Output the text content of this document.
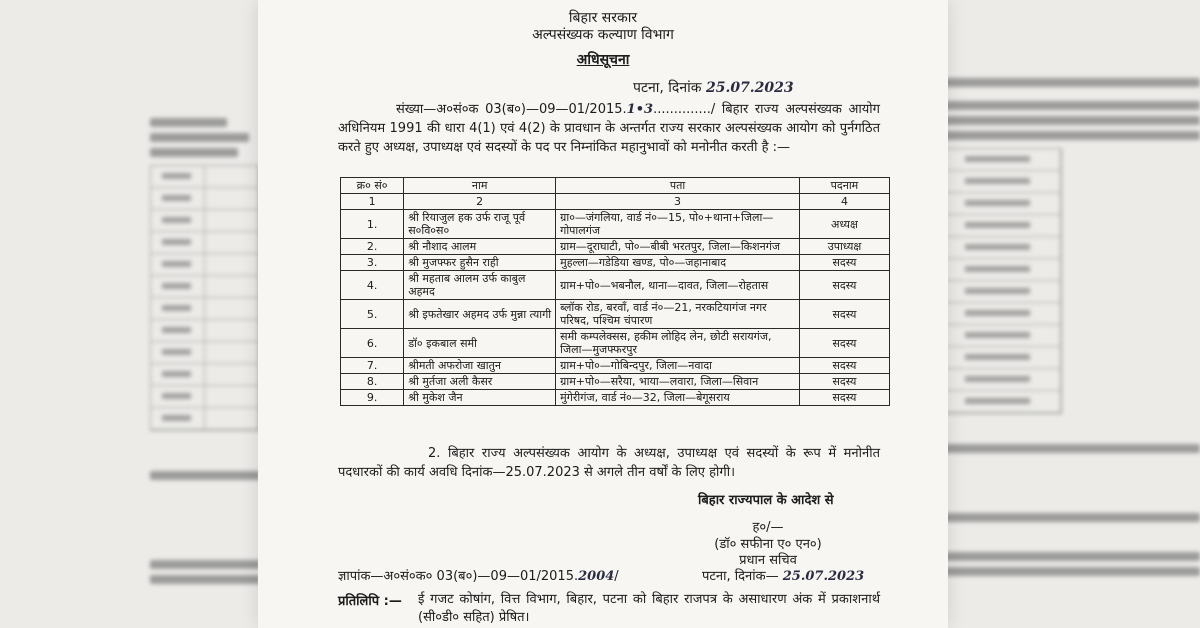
बिहार सरकार
अल्पसंख्यक कल्याण विभाग
अधिसूचना
पटना, दिनांक 25.07.2023
संख्या—अ०सं०क 03(ब०)—09—01/2015.1•3............../ बिहार राज्य अल्पसंख्यक आयोग अधिनियम 1991 की धारा 4(1) एवं 4(2) के प्रावधान के अन्तर्गत राज्य सरकार अल्पसंख्यक आयोग को पुर्नगठित करते हुए अध्यक्ष, उपाध्यक्ष एवं सदस्यों के पद पर निम्नांकित महानुभावों को मनोनीत करती है :—
क्र० सं०	नाम	पता	पदनाम
1	2	3	4
1.	श्री रियाजुल हक उर्फ राजू पूर्व स०वि०स०	ग्रा०—जंगलिया, वार्ड नं०—15, पो०+थाना+जिला—गोपालगंज	अध्यक्ष
2.	श्री नौशाद आलम	ग्राम—दूराघाटी, पो०—बीबी भरतपुर, जिला—किशनगंज	उपाध्यक्ष
3.	श्री मुजफ्फर हुसैन राही	मुहल्ला—गडेडिया खण्ड, पो०—जहानाबाद	सदस्य
4.	श्री महताब आलम उर्फ काबुल अहमद	ग्राम+पो०—भबनौल, थाना—दावत, जिला—रोहतास	सदस्य
5.	श्री इफतेखार अहमद उर्फ मुन्ना त्यागी	ब्लॉक रोड, बरवाँ, वार्ड नं०—21, नरकटियागंज नगर परिषद, पश्चिम चंपारण	सदस्य
6.	डॉ० इकबाल समी	समी कम्पलेक्सस, हकीम लोहिद लेन, छोटी सरायगंज, जिला—मुजफ्फरपुर	सदस्य
7.	श्रीमती अफरोजा खातुन	ग्राम+पो०—गोबिन्दपुर, जिला—नवादा	सदस्य
8.	श्री मुर्तजा अली कैसर	ग्राम+पो०—सरैया, भाया—लवारा, जिला—सिवान	सदस्य
9.	श्री मुकेश जैन	मुंगेरीगंज, वार्ड नं०—32, जिला—बेगूसराय	सदस्य
2. बिहार राज्य अल्पसंख्यक आयोग के अध्यक्ष, उपाध्यक्ष एवं सदस्यों के रूप में मनोनीत पदधारकों की कार्य अवधि दिनांक—25.07.2023 से अगले तीन वर्षों के लिए होगी।
बिहार राज्यपाल के आदेश से
ह०/—
(डॉ० सफीना ए० एन०)
प्रधान सचिव
ज्ञापांक—अ०सं०क० 03(ब०)—09—01/2015.2004/	पटना, दिनांक— 25.07.2023
प्रतिलिपि :— ई गजट कोषांग, वित्त विभाग, बिहार, पटना को बिहार राजपत्र के असाधारण अंक में प्रकाशनार्थ (सी०डी० सहित) प्रेषित।
